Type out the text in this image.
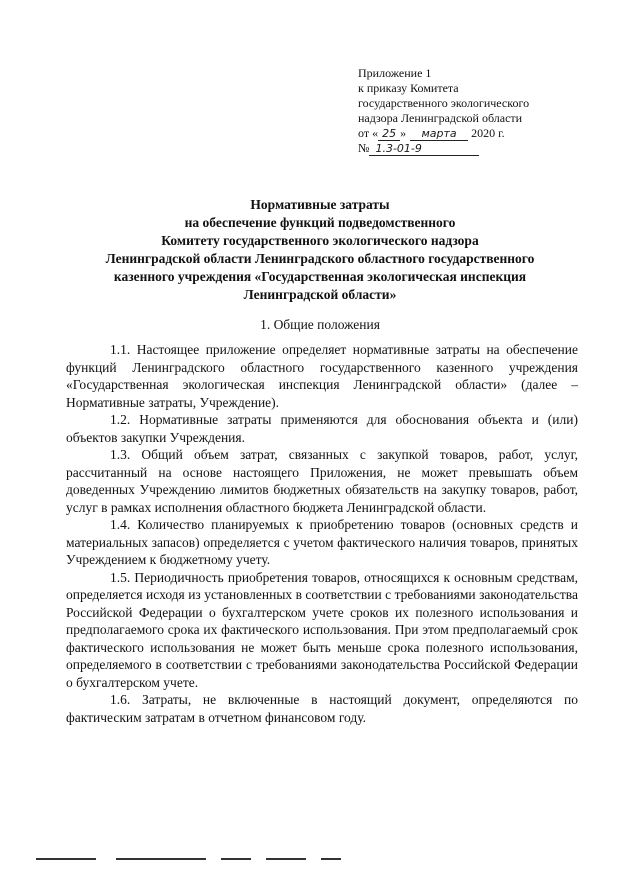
Приложение 1
к приказу Комитета
государственного экологического
надзора Ленинградской области
от « 25 » марта 2020 г.
№ 1.3-01-9
Нормативные затраты
на обеспечение функций подведомственного
Комитету государственного экологического надзора
Ленинградской области Ленинградского областного государственного
казенного учреждения «Государственная экологическая инспекция
Ленинградской области»
1. Общие положения

1.1. Настоящее приложение определяет нормативные затраты на обеспечение функций Ленинградского областного государственного казенного учреждения «Государственная экологическая инспекция Ленинградской области» (далее – Нормативные затраты, Учреждение).

1.2. Нормативные затраты применяются для обоснования объекта и (или) объектов закупки Учреждения.

1.3. Общий объем затрат, связанных с закупкой товаров, работ, услуг, рассчитанный на основе настоящего Приложения, не может превышать объем доведенных Учреждению лимитов бюджетных обязательств на закупку товаров, работ, услуг в рамках исполнения областного бюджета Ленинградской области.

1.4. Количество планируемых к приобретению товаров (основных средств и материальных запасов) определяется с учетом фактического наличия товаров, принятых Учреждением к бюджетному учету.

1.5. Периодичность приобретения товаров, относящихся к основным средствам, определяется исходя из установленных в соответствии с требованиями законодательства Российской Федерации о бухгалтерском учете сроков их полезного использования и предполагаемого срока их фактического использования. При этом предполагаемый срок фактического использования не может быть меньше срока полезного использования, определяемого в соответствии с требованиями законодательства Российской Федерации о бухгалтерском учете.

1.6. Затраты, не включенные в настоящий документ, определяются по фактическим затратам в отчетном финансовом году.
